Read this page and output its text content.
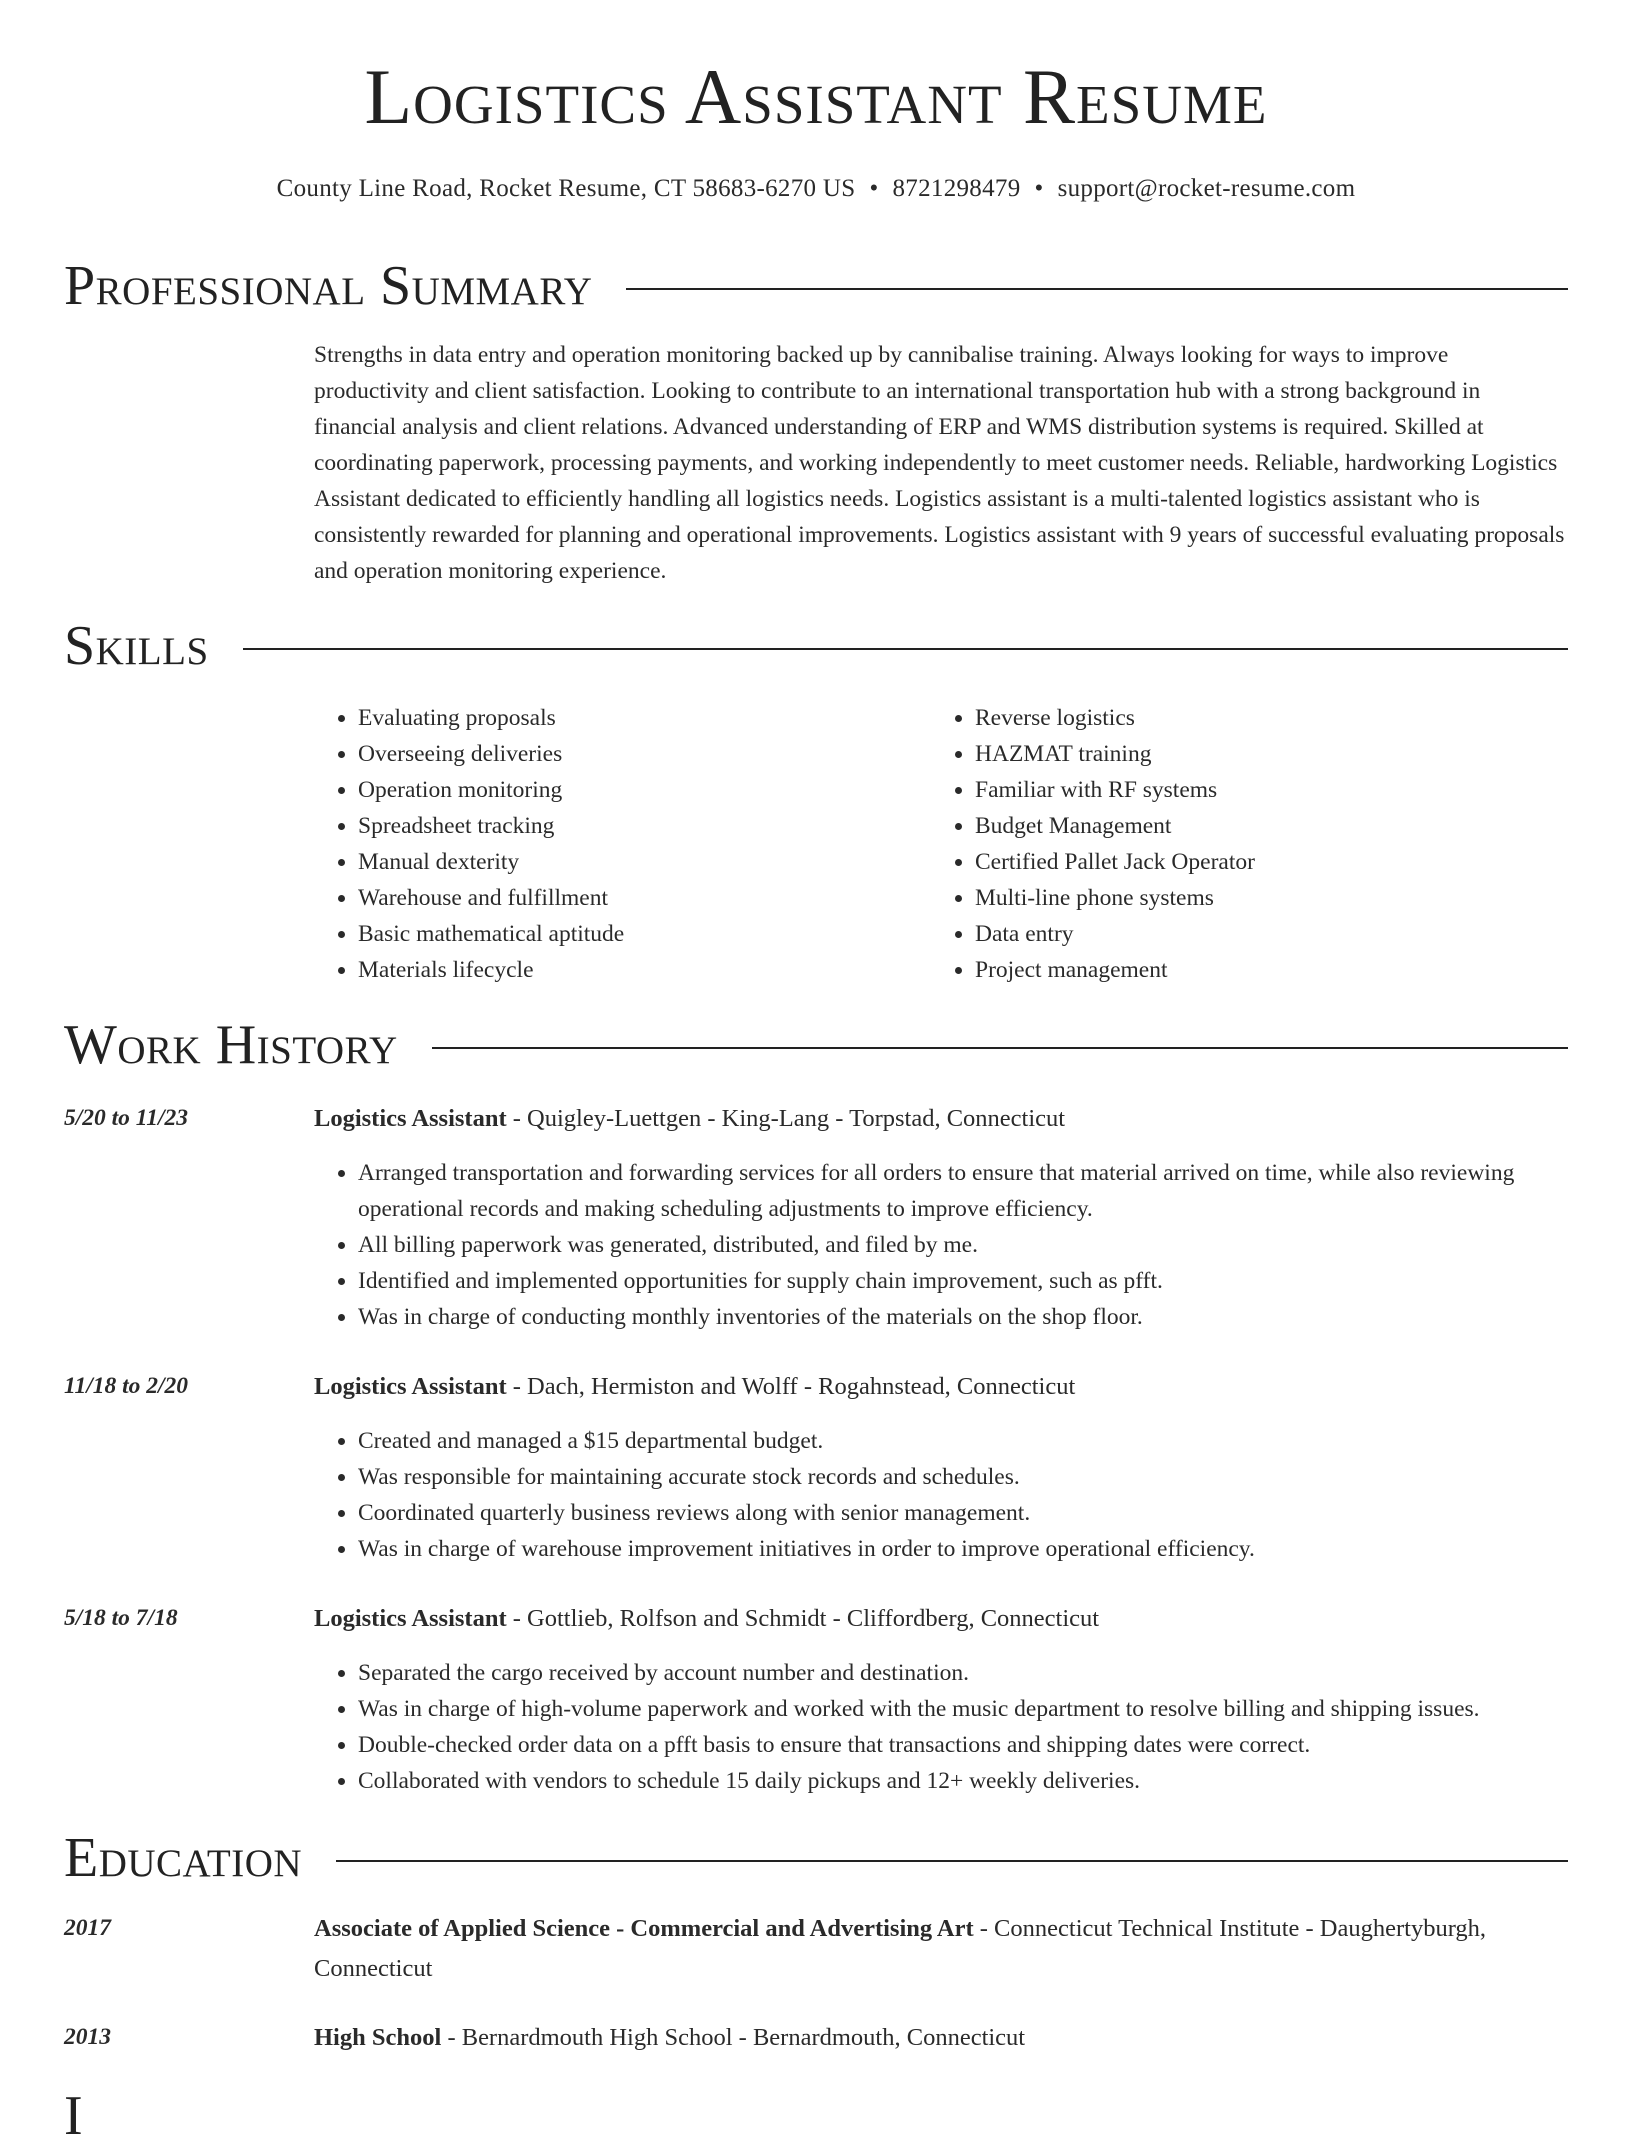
Logistics Assistant Resume
County Line Road, Rocket Resume, CT 58683-6270 US • 8721298479 • support@rocket-resume.com
Professional Summary

Strengths in data entry and operation monitoring backed up by cannibalise training. Always looking for ways to improve productivity and client satisfaction. Looking to contribute to an international transportation hub with a strong background in financial analysis and client relations. Advanced understanding of ERP and WMS distribution systems is required. Skilled at coordinating paperwork, processing payments, and working independently to meet customer needs. Reliable, hardworking Logistics Assistant dedicated to efficiently handling all logistics needs. Logistics assistant is a multi-talented logistics assistant who is consistently rewarded for planning and operational improvements. Logistics assistant with 9 years of successful evaluating proposals and operation monitoring experience.

Skills
• Evaluating proposals
• Overseeing deliveries
• Operation monitoring
• Spreadsheet tracking
• Manual dexterity
• Warehouse and fulfillment
• Basic mathematical aptitude
• Materials lifecycle
• Reverse logistics
• HAZMAT training
• Familiar with RF systems
• Budget Management
• Certified Pallet Jack Operator
• Multi-line phone systems
• Data entry
• Project management
Work History
5/20 to 11/23	Logistics Assistant - Quigley-Luettgen - King-Lang - Torpstad, Connecticut
• Arranged transportation and forwarding services for all orders to ensure that material arrived on time, while also reviewing operational records and making scheduling adjustments to improve efficiency.
• All billing paperwork was generated, distributed, and filed by me.
• Identified and implemented opportunities for supply chain improvement, such as pfft.
• Was in charge of conducting monthly inventories of the materials on the shop floor.
11/18 to 2/20	Logistics Assistant - Dach, Hermiston and Wolff - Rogahnstead, Connecticut
• Created and managed a $15 departmental budget.
• Was responsible for maintaining accurate stock records and schedules.
• Coordinated quarterly business reviews along with senior management.
• Was in charge of warehouse improvement initiatives in order to improve operational efficiency.
5/18 to 7/18	Logistics Assistant - Gottlieb, Rolfson and Schmidt - Cliffordberg, Connecticut
• Separated the cargo received by account number and destination.
• Was in charge of high-volume paperwork and worked with the music department to resolve billing and shipping issues.
• Double-checked order data on a pfft basis to ensure that transactions and shipping dates were correct.
• Collaborated with vendors to schedule 15 daily pickups and 12+ weekly deliveries.
Education
2017	Associate of Applied Science - Commercial and Advertising Art - Connecticut Technical Institute - Daughertyburgh, Connecticut
2013	High School - Bernardmouth High School - Bernardmouth, Connecticut
I
